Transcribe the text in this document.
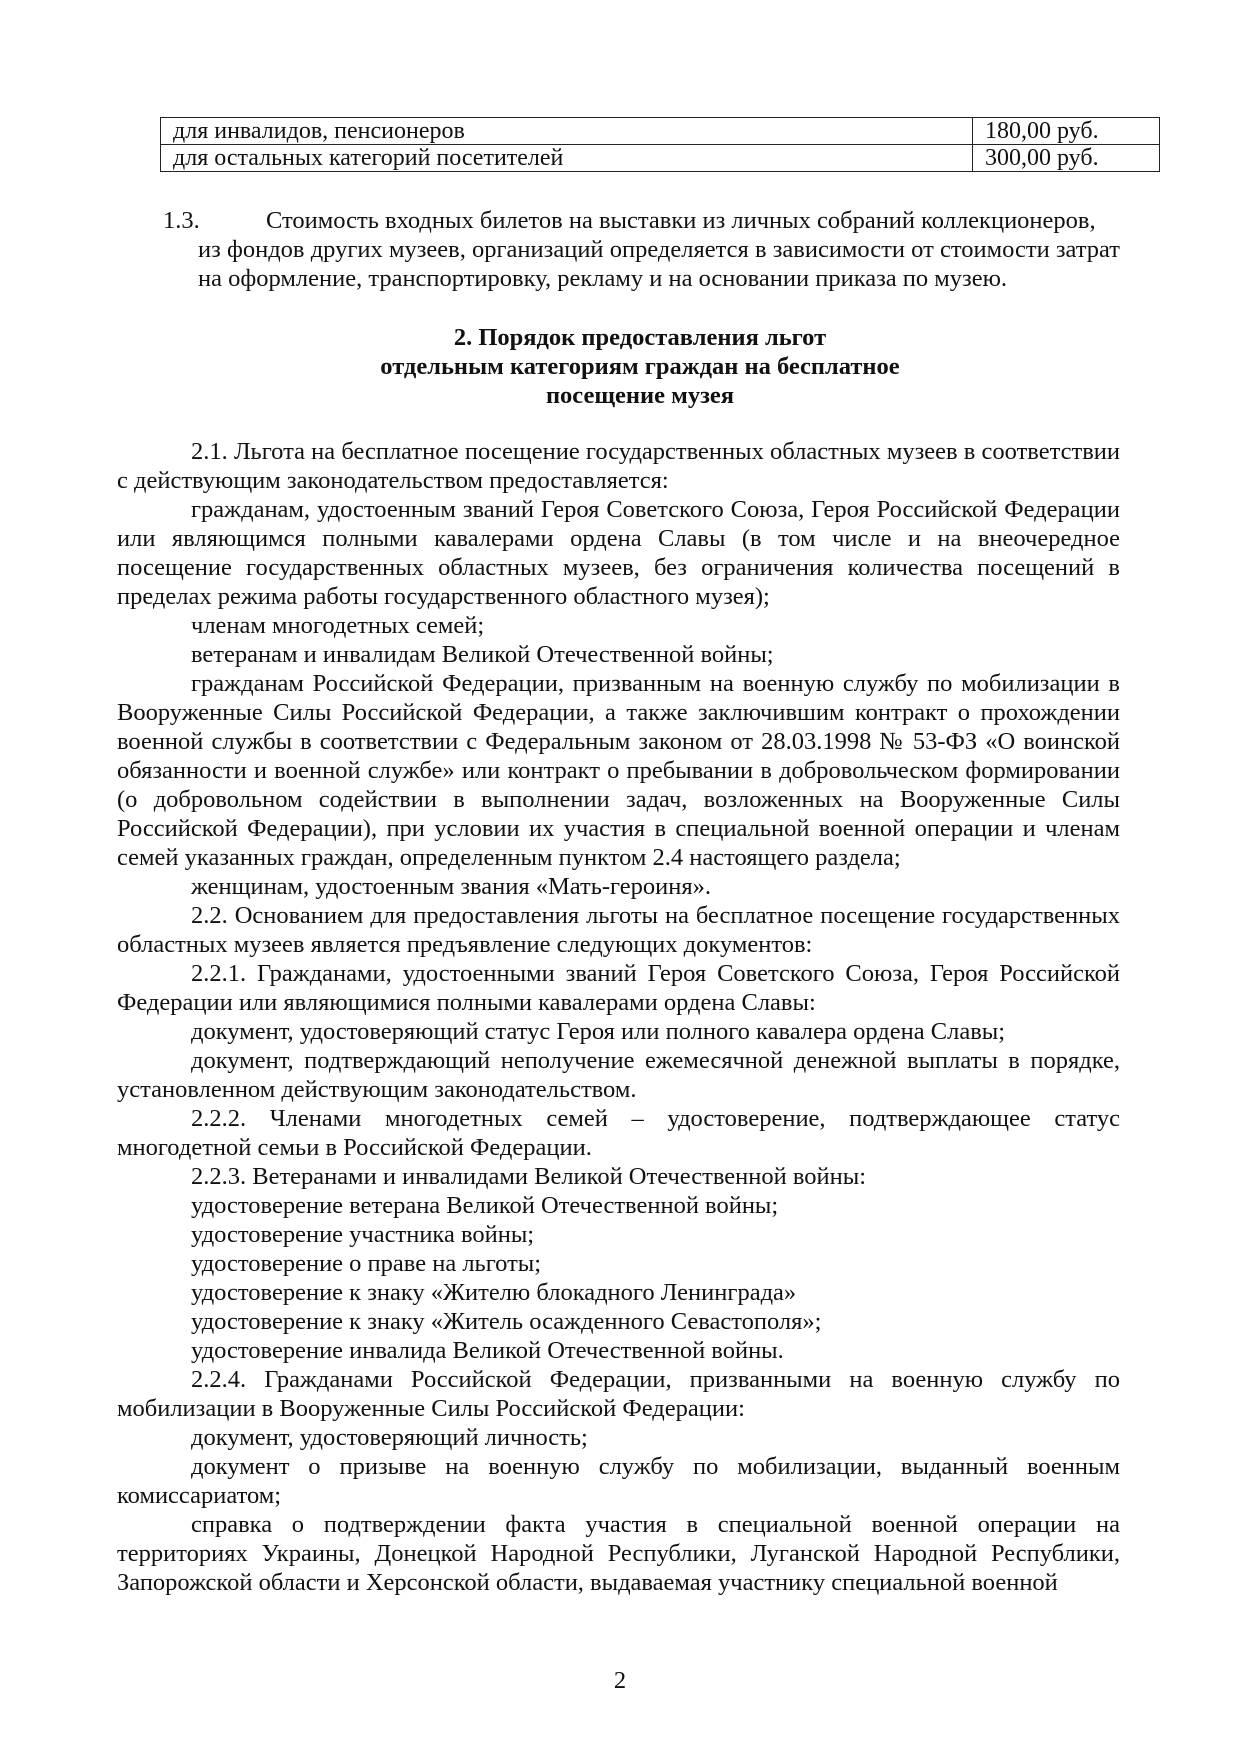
для инвалидов, пенсионеров	180,00 руб.
для остальных категорий посетителей	300,00 руб.
1.3.	Стоимость входных билетов на выставки из личных собраний коллекционеров,
из фондов других музеев, организаций определяется в зависимости от стоимости затрат на оформление, транспортировку, рекламу и на основании приказа по музею.
2. Порядок предоставления льгот
отдельным категориям граждан на бесплатное
посещение музея

2.1. Льгота на бесплатное посещение государственных областных музеев в соответствии с действующим законодательством предоставляется:

гражданам, удостоенным званий Героя Советского Союза, Героя Российской Федерации или являющимся полными кавалерами ордена Славы (в том числе и на внеочередное посещение государственных областных музеев, без ограничения количества посещений в пределах режима работы государственного областного музея);

членам многодетных семей;

ветеранам и инвалидам Великой Отечественной войны;

гражданам Российской Федерации, призванным на военную службу по мобилизации в Вооруженные Силы Российской Федерации, а также заключившим контракт о прохождении военной службы в соответствии с Федеральным законом от 28.03.1998 № 53-ФЗ «О воинской обязанности и военной службе» или контракт о пребывании в добровольческом формировании (о добровольном содействии в выполнении задач, возложенных на Вооруженные Силы Российской Федерации), при условии их участия в специальной военной операции и членам семей указанных граждан, определенным пунктом 2.4 настоящего раздела;

женщинам, удостоенным звания «Мать-героиня».

2.2. Основанием для предоставления льготы на бесплатное посещение государственных областных музеев является предъявление следующих документов:

2.2.1. Гражданами, удостоенными званий Героя Советского Союза, Героя Российской Федерации или являющимися полными кавалерами ордена Славы:

документ, удостоверяющий статус Героя или полного кавалера ордена Славы;

документ, подтверждающий неполучение ежемесячной денежной выплаты в порядке, установленном действующим законодательством.

2.2.2. Членами многодетных семей – удостоверение, подтверждающее статус многодетной семьи в Российской Федерации.

2.2.3. Ветеранами и инвалидами Великой Отечественной войны:

удостоверение ветерана Великой Отечественной войны;

удостоверение участника войны;

удостоверение о праве на льготы;

удостоверение к знаку «Жителю блокадного Ленинграда»

удостоверение к знаку «Житель осажденного Севастополя»;

удостоверение инвалида Великой Отечественной войны.

2.2.4. Гражданами Российской Федерации, призванными на военную службу по мобилизации в Вооруженные Силы Российской Федерации:

документ, удостоверяющий личность;

документ о призыве на военную службу по мобилизации, выданный военным комиссариатом;

справка о подтверждении факта участия в специальной военной операции на территориях Украины, Донецкой Народной Республики, Луганской Народной Республики, Запорожской области и Херсонской области, выдаваемая участнику специальной военной

2
